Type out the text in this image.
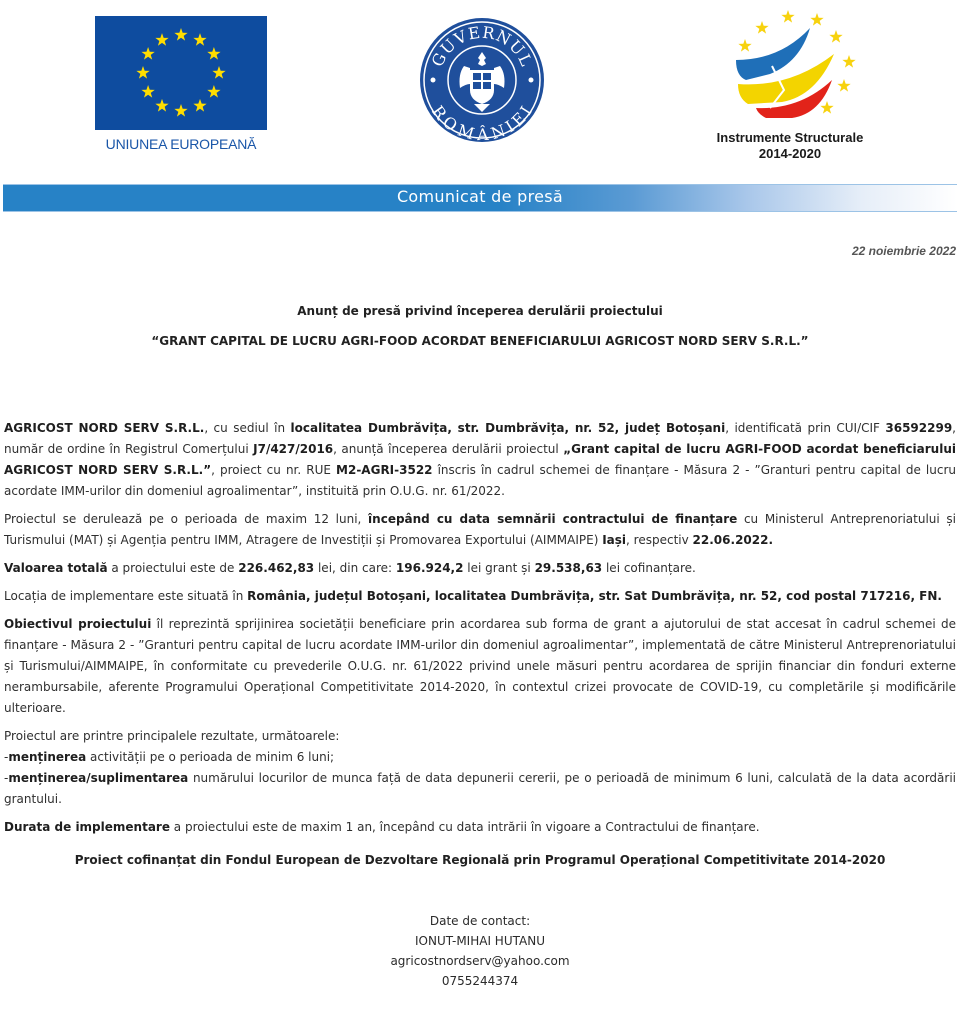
UNIUNEA EUROPEANĂ
GUVERNUL
ROMÂNIEI
Instrumente Structurale
2014-2020
Comunicat de presă
22 noiembrie 2022
Anunț de presă privind începerea derulării proiectului
“GRANT CAPITAL DE LUCRU AGRI-FOOD ACORDAT BENEFICIARULUI AGRICOST NORD SERV S.R.L.”

AGRICOST NORD SERV S.R.L., cu sediul în localitatea Dumbrăvița, str. Dumbrăvița, nr. 52, județ Botoșani, identificată prin CUI/CIF 36592299, număr de ordine în Registrul Comerțului J7/427/2016, anunță începerea derulării proiectul „Grant capital de lucru AGRI-FOOD acordat beneficiarului AGRICOST NORD SERV S.R.L.”, proiect cu nr. RUE M2-AGRI-3522 înscris în cadrul schemei de finanțare - Măsura 2 - ”Granturi pentru capital de lucru acordate IMM-urilor din domeniul agroalimentar”, instituită prin O.U.G. nr. 61/2022.

Proiectul se derulează pe o perioada de maxim 12 luni, începând cu data semnării contractului de finanțare cu Ministerul Antreprenoriatului și Turismului (MAT) și Agenția pentru IMM, Atragere de Investiții și Promovarea Exportului (AIMMAIPE) Iași, respectiv 22.06.2022.

Valoarea totală a proiectului este de 226.462,83 lei, din care: 196.924,2 lei grant și 29.538,63 lei cofinanțare.

Locația de implementare este situată în România, județul Botoșani, localitatea Dumbrăvița, str. Sat Dumbrăvița, nr. 52, cod postal 717216, FN.

Obiectivul proiectului îl reprezintă sprijinirea societății beneficiare prin acordarea sub forma de grant a ajutorului de stat accesat în cadrul schemei de finanțare - Măsura 2 - ”Granturi pentru capital de lucru acordate IMM-urilor din domeniul agroalimentar”, implementată de către Ministerul Antreprenoriatului și Turismului/AIMMAIPE, în conformitate cu prevederile O.U.G. nr. 61/2022 privind unele măsuri pentru acordarea de sprijin financiar din fonduri externe nerambursabile, aferente Programului Operațional Competitivitate 2014-2020, în contextul crizei provocate de COVID-19, cu completările și modificările ulterioare.

Proiectul are printre principalele rezultate, următoarele:
-menținerea activității pe o perioada de minim 6 luni;
-menținerea/suplimentarea numărului locurilor de munca față de data depunerii cererii, pe o perioadă de minimum 6 luni, calculată de la data acordării grantului.

Durata de implementare a proiectului este de maxim 1 an, începând cu data intrării în vigoare a Contractului de finanțare.

Proiect cofinanțat din Fondul European de Dezvoltare Regională prin Programul Operațional Competitivitate 2014-2020
Date de contact:
IONUT-MIHAI HUTANU
agricostnordserv@yahoo.com
0755244374
